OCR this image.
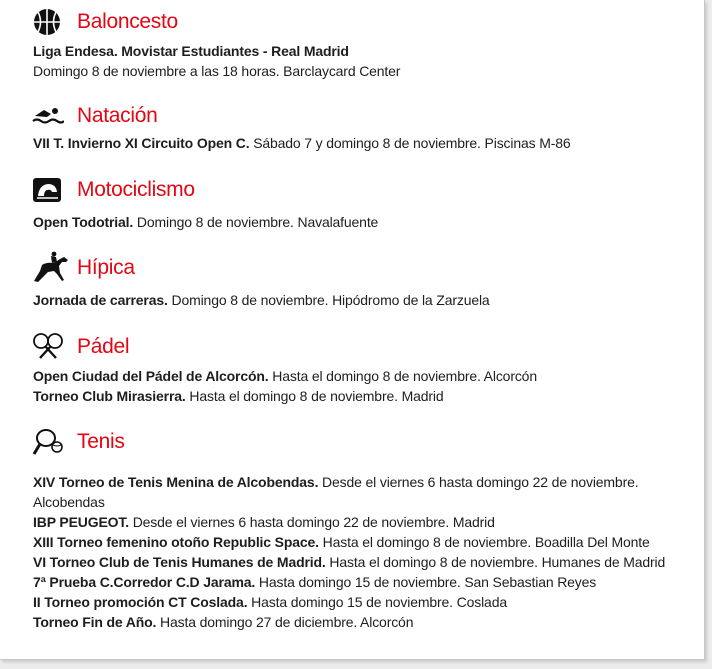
Baloncesto
Liga Endesa. Movistar Estudiantes - Real Madrid
Domingo 8 de noviembre a las 18 horas. Barclaycard Center
Natación
VII T. Invierno XI Circuito Open C. Sábado 7 y domingo 8 de noviembre. Piscinas M-86
Motociclismo
Open Todotrial. Domingo 8 de noviembre. Navalafuente
Hípica
Jornada de carreras. Domingo 8 de noviembre. Hipódromo de la Zarzuela
Pádel
Open Ciudad del Pádel de Alcorcón. Hasta el domingo 8 de noviembre. Alcorcón
Torneo Club Mirasierra. Hasta el domingo 8 de noviembre. Madrid
Tenis
XIV Torneo de Tenis Menina de Alcobendas. Desde el viernes 6 hasta domingo 22 de noviembre. Alcobendas
IBP PEUGEOT. Desde el viernes 6 hasta domingo 22 de noviembre. Madrid
XIII Torneo femenino otoño Republic Space. Hasta el domingo 8 de noviembre. Boadilla Del Monte
VI Torneo Club de Tenis Humanes de Madrid. Hasta el domingo 8 de noviembre. Humanes de Madrid
7ª Prueba C.Corredor C.D Jarama. Hasta domingo 15 de noviembre. San Sebastian Reyes
II Torneo promoción CT Coslada. Hasta domingo 15 de noviembre. Coslada
Torneo Fin de Año. Hasta domingo 27 de diciembre. Alcorcón
